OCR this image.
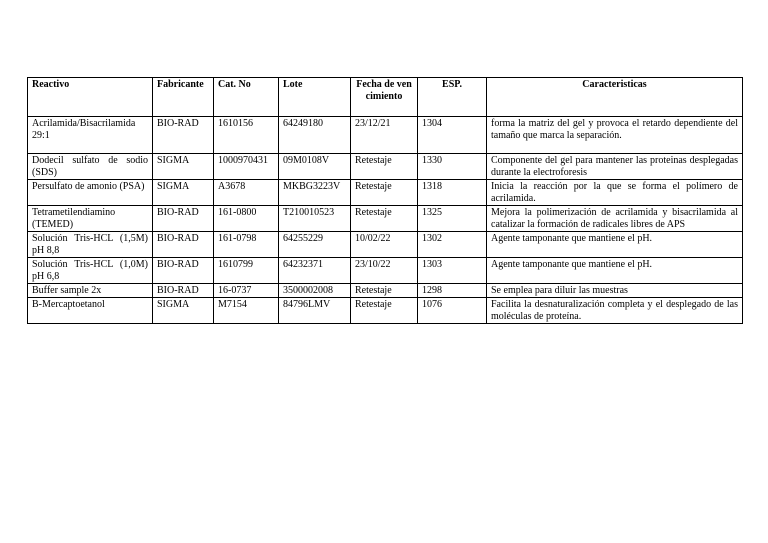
Reactivo	Fabricante	Cat. No	Lote	Fecha de vencimiento	ESP.	Caracteristicas
Acrilamida/Bisacrilamida 29:1	BIO-RAD	1610156	64249180	23/12/21	1304	forma la matriz del gel y provoca el retardo dependiente del tamaño que marca la separación.
Dodecil sulfato de sodio (SDS)	SIGMA	1000970431	09M0108V	Retestaje	1330	Componente del gel para mantener las proteinas desplegadas durante la electroforesis
Persulfato de amonio (PSA)	SIGMA	A3678	MKBG3223V	Retestaje	1318	Inicia la reacción por la que se forma el polímero de acrilamida.
Tetrametilendiamino (TEMED)	BIO-RAD	161-0800	T210010523	Retestaje	1325	Mejora la polimerización de acrilamida y bisacrilamida al catalizar la formación de radicales libres de APS
Solución Tris-HCL (1,5M) pH 8,8	BIO-RAD	161-0798	64255229	10/02/22	1302	Agente tamponante que mantiene el pH.
Solución Tris-HCL (1,0M) pH 6,8	BIO-RAD	1610799	64232371	23/10/22	1303	Agente tamponante que mantiene el pH.
Buffer sample 2x	BIO-RAD	16-0737	3500002008	Retestaje	1298	Se emplea para diluir las muestras
B-Mercaptoetanol	SIGMA	M7154	84796LMV	Retestaje	1076	Facilita la desnaturalización completa y el desplegado de las moléculas de proteína.
